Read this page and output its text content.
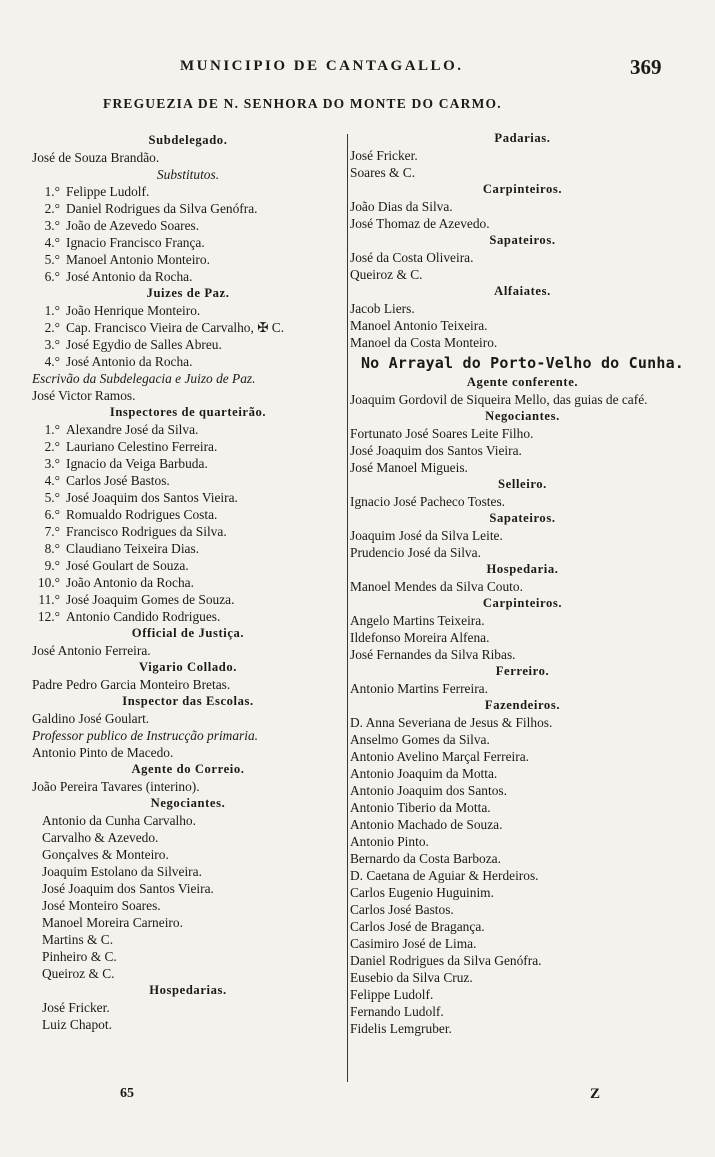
MUNICIPIO DE CANTAGALLO.	369
FREGUEZIA DE N. SENHORA DO MONTE DO CARMO.
Subdelegado.
José de Souza Brandão.
Substitutos.
1.° Felippe Ludolf.
2.° Daniel Rodrigues da Silva Genófra.
3.° João de Azevedo Soares.
4.° Ignacio Francisco França.
5.° Manoel Antonio Monteiro.
6.° José Antonio da Rocha.
Juizes de Paz.
1.° João Henrique Monteiro.
2.° Cap. Francisco Vieira de Carvalho, ✠ C.
3.° José Egydio de Salles Abreu.
4.° José Antonio da Rocha.
Escrivão da Subdelegacia e Juizo de Paz.
José Victor Ramos.
Inspectores de quarteirão.
1.° Alexandre José da Silva.
2.° Lauriano Celestino Ferreira.
3.° Ignacio da Veiga Barbuda.
4.° Carlos José Bastos.
5.° José Joaquim dos Santos Vieira.
6.° Romualdo Rodrigues Costa.
7.° Francisco Rodrigues da Silva.
8.° Claudiano Teixeira Dias.
9.° José Goulart de Souza.
10.° João Antonio da Rocha.
11.° José Joaquim Gomes de Souza.
12.° Antonio Candido Rodrigues.
Official de Justiça.
José Antonio Ferreira.
Vigario Collado.
Padre Pedro Garcia Monteiro Bretas.
Inspector das Escolas.
Galdino José Goulart.
Professor publico de Instrucção primaria.
Antonio Pinto de Macedo.
Agente do Correio.
João Pereira Tavares (interino).
Negociantes.
Antonio da Cunha Carvalho.
Carvalho & Azevedo.
Gonçalves & Monteiro.
Joaquim Estolano da Silveira.
José Joaquim dos Santos Vieira.
José Monteiro Soares.
Manoel Moreira Carneiro.
Martins & C.
Pinheiro & C.
Queiroz & C.
Hospedarias.
José Fricker.
Luiz Chapot.
Padarias.
José Fricker.
Soares & C.
Carpinteiros.
João Dias da Silva.
José Thomaz de Azevedo.
Sapateiros.
José da Costa Oliveira.
Queiroz & C.
Alfaiates.
Jacob Liers.
Manoel Antonio Teixeira.
Manoel da Costa Monteiro.
No Arrayal do Porto-Velho do Cunha.
Agente conferente.
Joaquim Gordovil de Siqueira Mello, das guias de café.
Negociantes.
Fortunato José Soares Leite Filho.
José Joaquim dos Santos Vieira.
José Manoel Migueis.
Selleiro.
Ignacio José Pacheco Tostes.
Sapateiros.
Joaquim José da Silva Leite.
Prudencio José da Silva.
Hospedaria.
Manoel Mendes da Silva Couto.
Carpinteiros.
Angelo Martins Teixeira.
Ildefonso Moreira Alfena.
José Fernandes da Silva Ribas.
Ferreiro.
Antonio Martins Ferreira.
Fazendeiros.
D. Anna Severiana de Jesus & Filhos.
Anselmo Gomes da Silva.
Antonio Avelino Marçal Ferreira.
Antonio Joaquim da Motta.
Antonio Joaquim dos Santos.
Antonio Tiberio da Motta.
Antonio Machado de Souza.
Antonio Pinto.
Bernardo da Costa Barboza.
D. Caetana de Aguiar & Herdeiros.
Carlos Eugenio Huguinim.
Carlos José Bastos.
Carlos José de Bragança.
Casimiro José de Lima.
Daniel Rodrigues da Silva Genófra.
Eusebio da Silva Cruz.
Felippe Ludolf.
Fernando Ludolf.
Fidelis Lemgruber.
65	Z
